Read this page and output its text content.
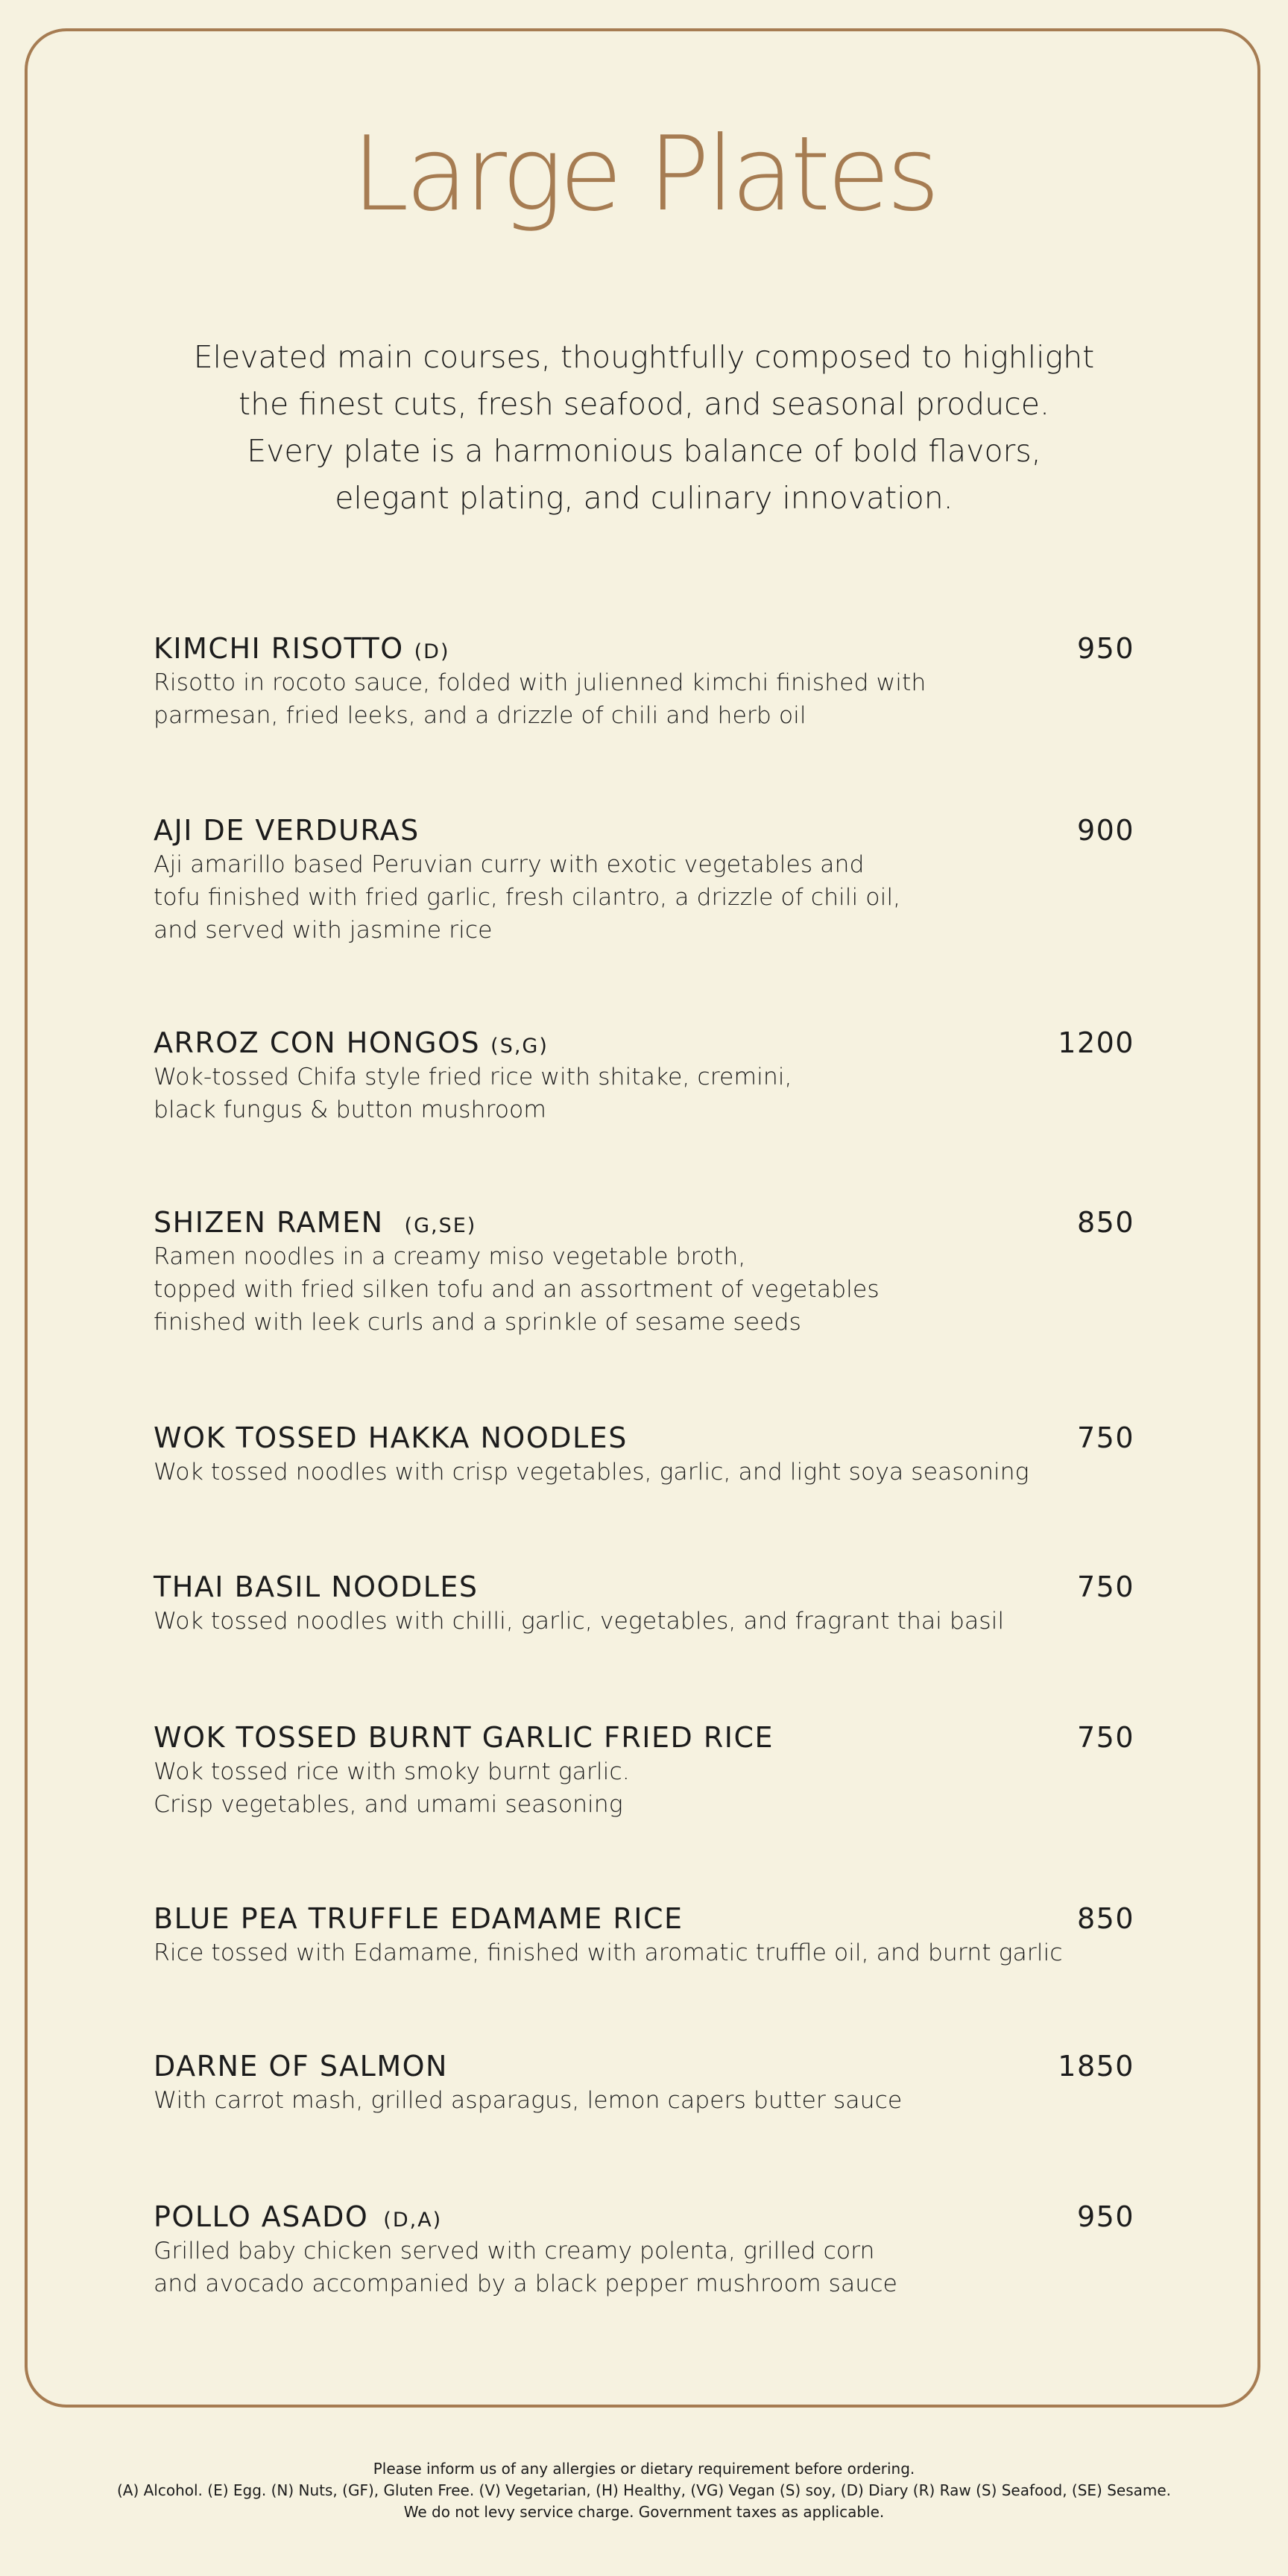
Large Plates
Elevated main courses, thoughtfully composed to highlight
the finest cuts, fresh seafood, and seasonal produce.
Every plate is a harmonious balance of bold flavors,
elegant plating, and culinary innovation.
KIMCHI RISOTTO (D)	950
Risotto in rocoto sauce, folded with julienned kimchi finished with
parmesan, fried leeks, and a drizzle of chili and herb oil
AJI DE VERDURAS	900
Aji amarillo based Peruvian curry with exotic vegetables and
tofu finished with fried garlic, fresh cilantro, a drizzle of chili oil,
and served with jasmine rice
ARROZ CON HONGOS (S,G)	1200
Wok-tossed Chifa style fried rice with shitake, cremini,
black fungus & button mushroom
SHIZEN RAMEN (G,SE)	850
Ramen noodles in a creamy miso vegetable broth,
topped with fried silken tofu and an assortment of vegetables
finished with leek curls and a sprinkle of sesame seeds
WOK TOSSED HAKKA NOODLES	750
Wok tossed noodles with crisp vegetables, garlic, and light soya seasoning
THAI BASIL NOODLES	750
Wok tossed noodles with chilli, garlic, vegetables, and fragrant thai basil
WOK TOSSED BURNT GARLIC FRIED RICE	750
Wok tossed rice with smoky burnt garlic.
Crisp vegetables, and umami seasoning
BLUE PEA TRUFFLE EDAMAME RICE	850
Rice tossed with Edamame, finished with aromatic truffle oil, and burnt garlic
DARNE OF SALMON	1850
With carrot mash, grilled asparagus, lemon capers butter sauce
POLLO ASADO (D,A)	950
Grilled baby chicken served with creamy polenta, grilled corn
and avocado accompanied by a black pepper mushroom sauce
Please inform us of any allergies or dietary requirement before ordering.
(A) Alcohol. (E) Egg. (N) Nuts, (GF), Gluten Free. (V) Vegetarian, (H) Healthy, (VG) Vegan (S) soy, (D) Diary (R) Raw (S) Seafood, (SE) Sesame.
We do not levy service charge. Government taxes as applicable.
